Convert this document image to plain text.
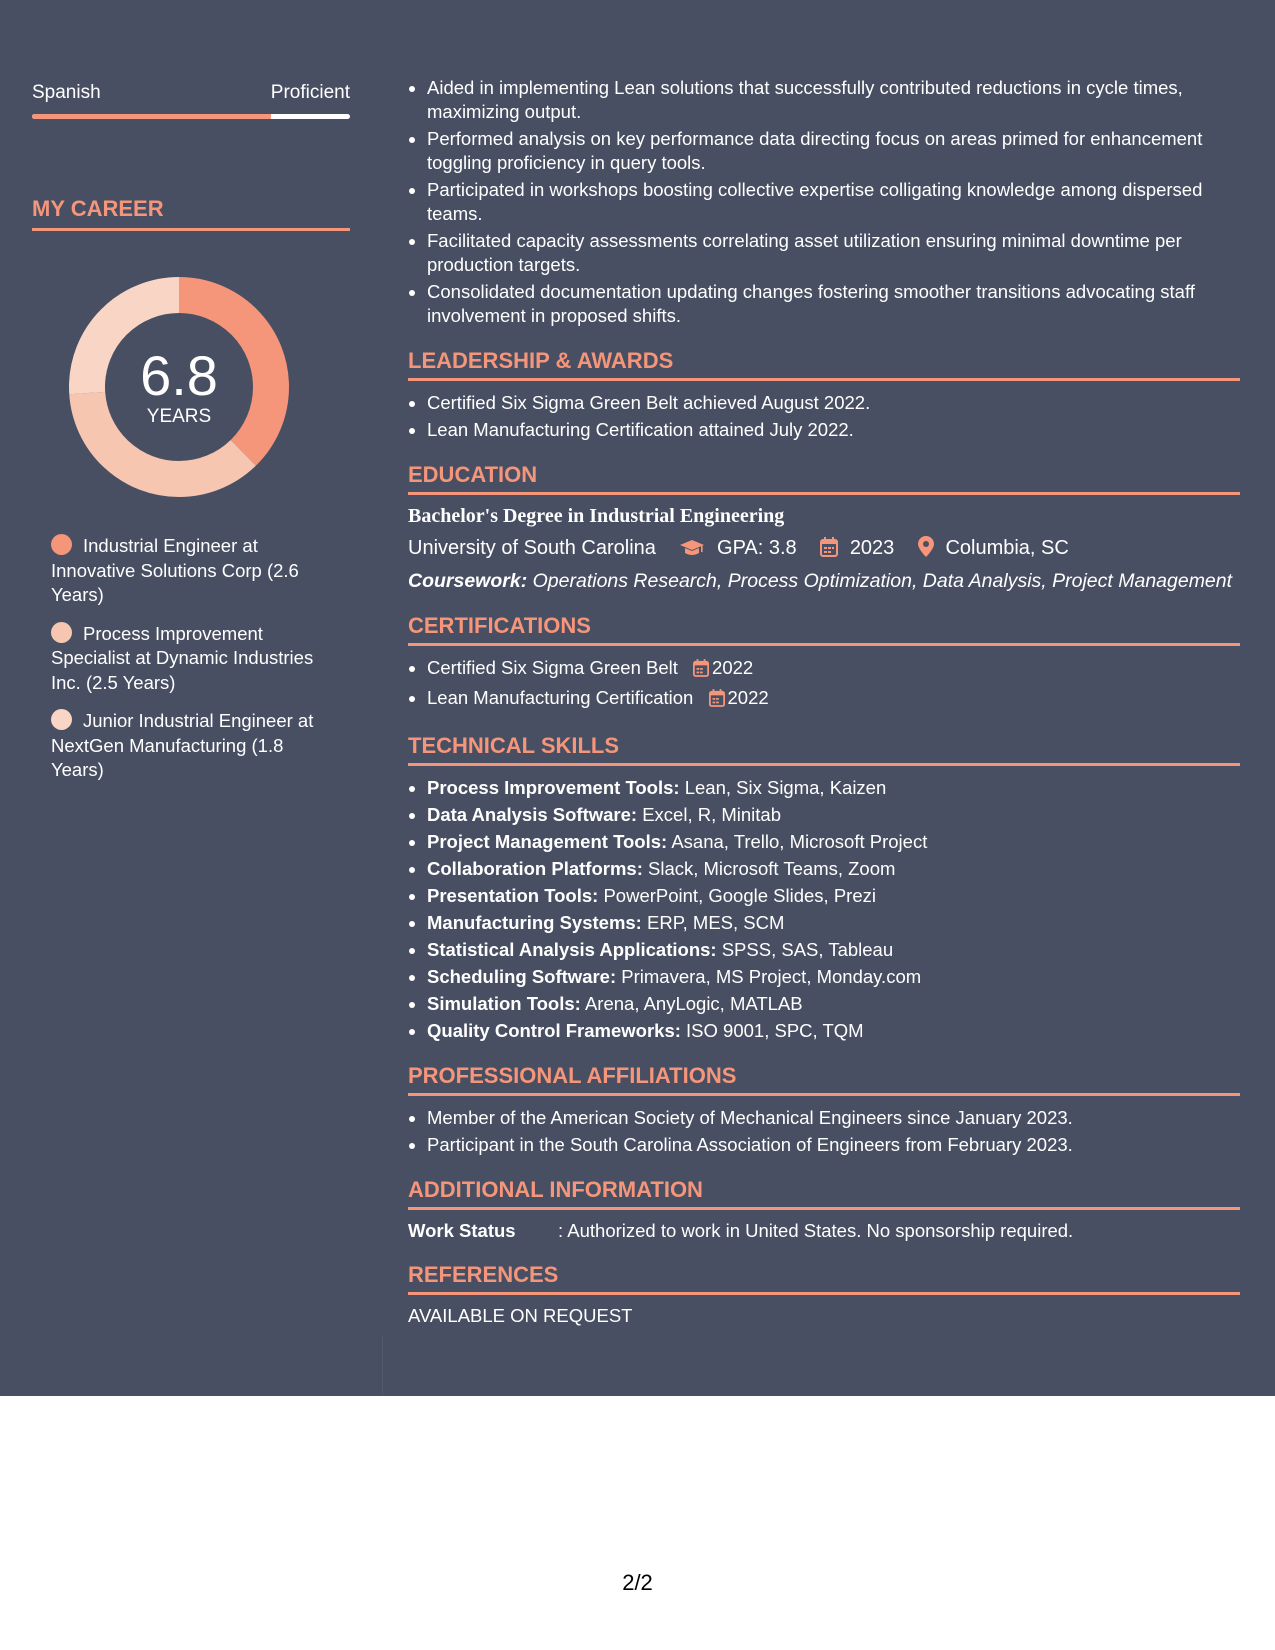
Spanish	Proficient
MY CAREER
6.8
YEARS
Industrial Engineer at Innovative Solutions Corp (2.6 Years)
Process Improvement Specialist at Dynamic Industries Inc. (2.5 Years)
Junior Industrial Engineer at NextGen Manufacturing (1.8 Years)
• Aided in implementing Lean solutions that successfully contributed reductions in cycle times, maximizing output.
• Performed analysis on key performance data directing focus on areas primed for enhancement toggling proficiency in query tools.
• Participated in workshops boosting collective expertise colligating knowledge among dispersed teams.
• Facilitated capacity assessments correlating asset utilization ensuring minimal downtime per production targets.
• Consolidated documentation updating changes fostering smoother transitions advocating staff involvement in proposed shifts.
LEADERSHIP & AWARDS
• Certified Six Sigma Green Belt achieved August 2022.
• Lean Manufacturing Certification attained July 2022.
EDUCATION
Bachelor's Degree in Industrial Engineering
University of South Carolina	GPA: 3.8	2023	Columbia, SC
Coursework: Operations Research, Process Optimization, Data Analysis, Project Management
CERTIFICATIONS
• Certified Six Sigma Green Belt 2022
• Lean Manufacturing Certification 2022
TECHNICAL SKILLS
• Process Improvement Tools: Lean, Six Sigma, Kaizen
• Data Analysis Software: Excel, R, Minitab
• Project Management Tools: Asana, Trello, Microsoft Project
• Collaboration Platforms: Slack, Microsoft Teams, Zoom
• Presentation Tools: PowerPoint, Google Slides, Prezi
• Manufacturing Systems: ERP, MES, SCM
• Statistical Analysis Applications: SPSS, SAS, Tableau
• Scheduling Software: Primavera, MS Project, Monday.com
• Simulation Tools: Arena, AnyLogic, MATLAB
• Quality Control Frameworks: ISO 9001, SPC, TQM
PROFESSIONAL AFFILIATIONS
• Member of the American Society of Mechanical Engineers since January 2023.
• Participant in the South Carolina Association of Engineers from February 2023.
ADDITIONAL INFORMATION
Work Status : Authorized to work in United States. No sponsorship required.
REFERENCES
AVAILABLE ON REQUEST
2/2
